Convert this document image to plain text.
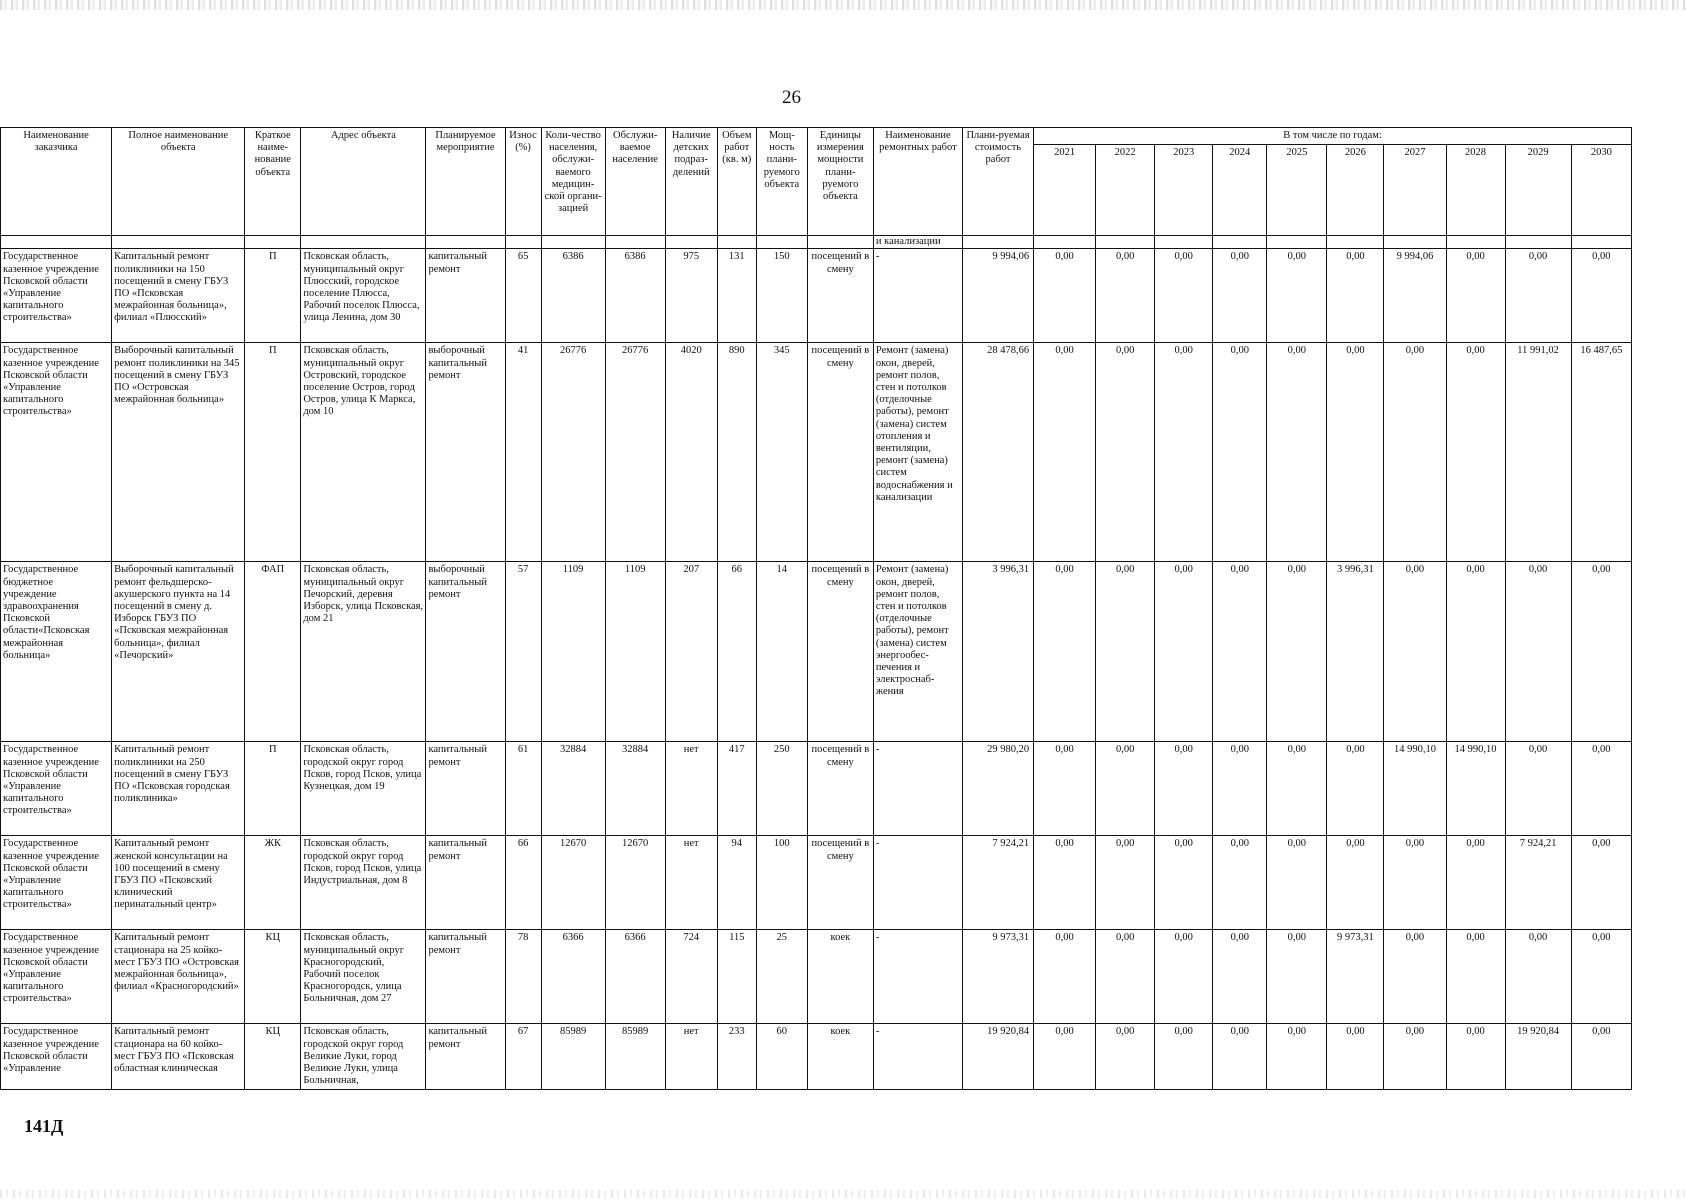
26
Наименование заказчика	Полное наименование объекта	Краткое наиме-нование объекта	Адрес объекта	Планируемое мероприятие	Износ (%)	Коли-чество населения, обслужи-ваемого медицин-ской органи-зацией	Обслужи-ваемое население	Наличие детских подраз-делений	Объем работ (кв. м)	Мощ-ность плани-руемого объекта	Единицы измерения мощности плани-руемого объекта	Наименование ремонтных работ	Плани-руемая стоимость работ	В том числе по годам:									
														2021	2022	2023	2024	2025	2026	2027	2028	2029	2030
												и канализации											
Государственное казенное учреждение Псковской области «Управление капитального строительства»	Капитальный ремонт поликлиники на 150 посещений в смену ГБУЗ ПО «Псковская межрайонная больница», филиал «Плюсский»	П	Псковская область, муниципальный округ Плюсский, городское поселение Плюсса, Рабочий поселок Плюсса, улица Ленина, дом 30	капитальный ремонт	65	6386	6386	975	131	150	посещений в смену	-	9 994,06	0,00	0,00	0,00	0,00	0,00	0,00	9 994,06	0,00	0,00	0,00
Государственное казенное учреждение Псковской области «Управление капитального строительства»	Выборочный капитальный ремонт поликлиники на 345 посещений в смену ГБУЗ ПО «Островская межрайонная больница»	П	Псковская область, муниципальный округ Островский, городское поселение Остров, город Остров, улица К Маркса, дом 10	выборочный капитальный ремонт	41	26776	26776	4020	890	345	посещений в смену	Ремонт (замена) окон, дверей, ремонт полов, стен и потолков (отделочные работы), ремонт (замена) систем отопления и вентиляции, ремонт (замена) систем водоснабжения и канализации	28 478,66	0,00	0,00	0,00	0,00	0,00	0,00	0,00	0,00	11 991,02	16 487,65
Государственное бюджетное учреждение здравоохранения Псковской области«Псковская межрайонная больница»	Выборочный капитальный ремонт фельдшерско-акушерского пункта на 14 посещений в смену д. Изборск ГБУЗ ПО «Псковская межрайонная больница», филиал «Печорский»	ФАП	Псковская область, муниципальный округ Печорский, деревня Изборск, улица Псковская, дом 21	выборочный капитальный ремонт	57	1109	1109	207	66	14	посещений в смену	Ремонт (замена) окон, дверей, ремонт полов, стен и потолков (отделочные работы), ремонт (замена) систем энергообес-печения и электроснаб-жения	3 996,31	0,00	0,00	0,00	0,00	0,00	3 996,31	0,00	0,00	0,00	0,00
Государственное казенное учреждение Псковской области «Управление капитального строительства»	Капитальный ремонт поликлиники на 250 посещений в смену ГБУЗ ПО «Псковская городская поликлиника»	П	Псковская область, городской округ город Псков, город Псков, улица Кузнецкая, дом 19	капитальный ремонт	61	32884	32884	нет	417	250	посещений в смену	-	29 980,20	0,00	0,00	0,00	0,00	0,00	0,00	14 990,10	14 990,10	0,00	0,00
Государственное казенное учреждение Псковской области «Управление капитального строительства»	Капитальный ремонт женской консультации на 100 посещений в смену ГБУЗ ПО «Псковский клинический перинатальный центр»	ЖК	Псковская область, городской округ город Псков, город Псков, улица Индустриальная, дом 8	капитальный ремонт	66	12670	12670	нет	94	100	посещений в смену	-	7 924,21	0,00	0,00	0,00	0,00	0,00	0,00	0,00	0,00	7 924,21	0,00
Государственное казенное учреждение Псковской области «Управление капитального строительства»	Капитальный ремонт стационара на 25 койко-мест ГБУЗ ПО «Островская межрайонная больница», филиал «Красногородский»	КЦ	Псковская область, муниципальный округ Красногородский, Рабочий поселок Красногородск, улица Больничная, дом 27	капитальный ремонт	78	6366	6366	724	115	25	коек	-	9 973,31	0,00	0,00	0,00	0,00	0,00	9 973,31	0,00	0,00	0,00	0,00
Государственное казенное учреждение Псковской области «Управление	Капитальный ремонт стационара на 60 койко-мест ГБУЗ ПО «Псковская областная клиническая	КЦ	Псковская область, городской округ город Великие Луки, город Великие Луки, улица Больничная,	капитальный ремонт	67	85989	85989	нет	233	60	коек	-	19 920,84	0,00	0,00	0,00	0,00	0,00	0,00	0,00	0,00	19 920,84	0,00
141Д
